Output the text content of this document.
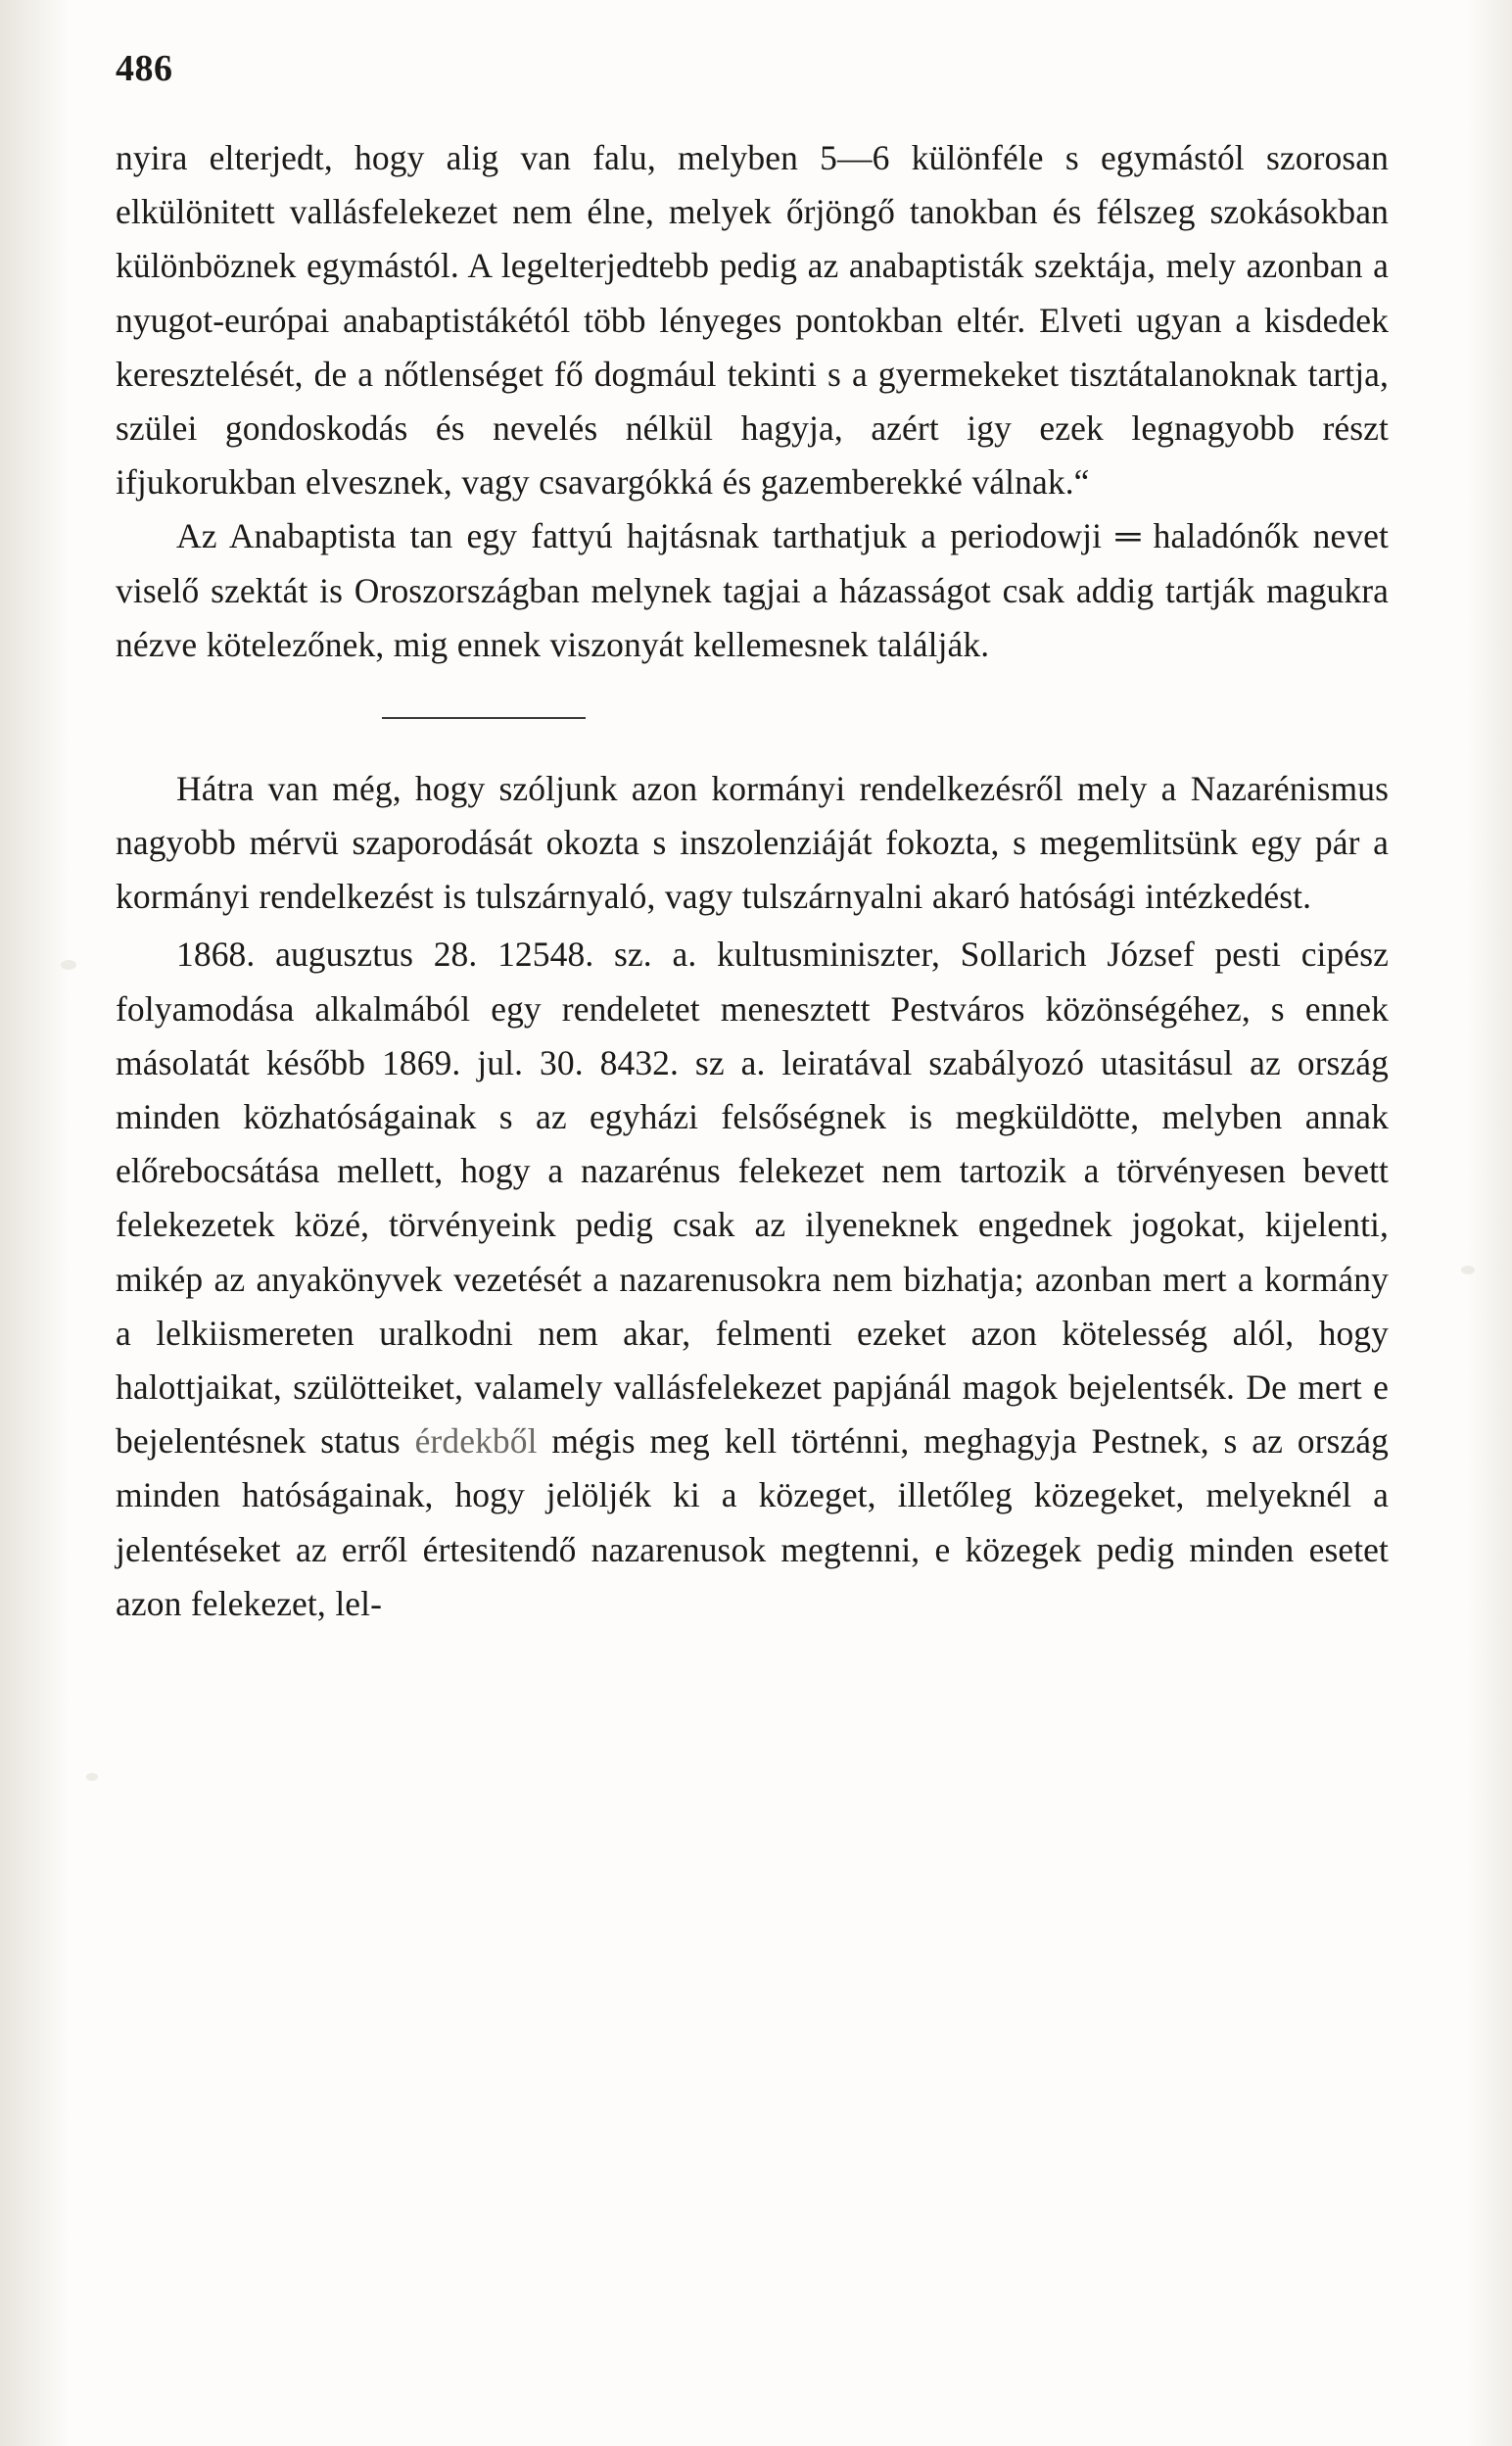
486

nyira elterjedt, hogy alig van falu, melyben 5—6 különféle s egymástól szorosan elkülönitett vallásfelekezet nem élne, melyek őrjöngő tanokban és félszeg szokásokban különböznek egymástól. A legelterjedtebb pedig az anabaptisták szektája, mely azonban a nyugot-európai anabaptistákétól több lényeges pontokban eltér. Elveti ugyan a kisdedek keresztelését, de a nőtlenséget fő dogmául tekinti s a gyermekeket tisztátalanoknak tartja, szülei gondoskodás és nevelés nélkül hagyja, azért igy ezek legnagyobb részt ifjukorukban elvesznek, vagy csavargókká és gazemberekké válnak.“

Az Anabaptista tan egy fattyú hajtásnak tarthatjuk a periodowji ═ haladónők nevet viselő szektát is Oroszországban melynek tagjai a házasságot csak addig tartják magukra nézve kötelezőnek, mig ennek viszonyát kellemesnek találják.

Hátra van még, hogy szóljunk azon kormányi rendelkezésről mely a Nazarénismus nagyobb mérvü szaporodását okozta s inszolenziáját fokozta, s megemlitsünk egy pár a kormányi rendelkezést is tulszárnyaló, vagy tulszárnyalni akaró hatósági intézkedést.

1868. augusztus 28. 12548. sz. a. kultusminiszter, Sollarich József pesti cipész folyamodása alkalmából egy rendeletet menesztett Pestváros közönségéhez, s ennek másolatát később 1869. jul. 30. 8432. sz a. leiratával szabályozó utasitásul az ország minden közhatóságainak s az egyházi felsőségnek is megküldötte, melyben annak előrebocsátása mellett, hogy a nazarénus felekezet nem tartozik a törvényesen bevett felekezetek közé, törvényeink pedig csak az ilyeneknek engednek jogokat, kijelenti, mikép az anyakönyvek vezetését a nazarenusokra nem bizhatja; azonban mert a kormány a lelkiismereten uralkodni nem akar, felmenti ezeket azon kötelesség alól, hogy halottjaikat, szülötteiket, valamely vallásfelekezet papjánál magok bejelentsék. De mert e bejelentésnek status érdekből mégis meg kell történni, meghagyja Pestnek, s az ország minden hatóságainak, hogy jelöljék ki a közeget, illetőleg közegeket, melyeknél a jelentéseket az erről értesitendő nazarenusok megtenni, e közegek pedig minden esetet azon felekezet, lel-
